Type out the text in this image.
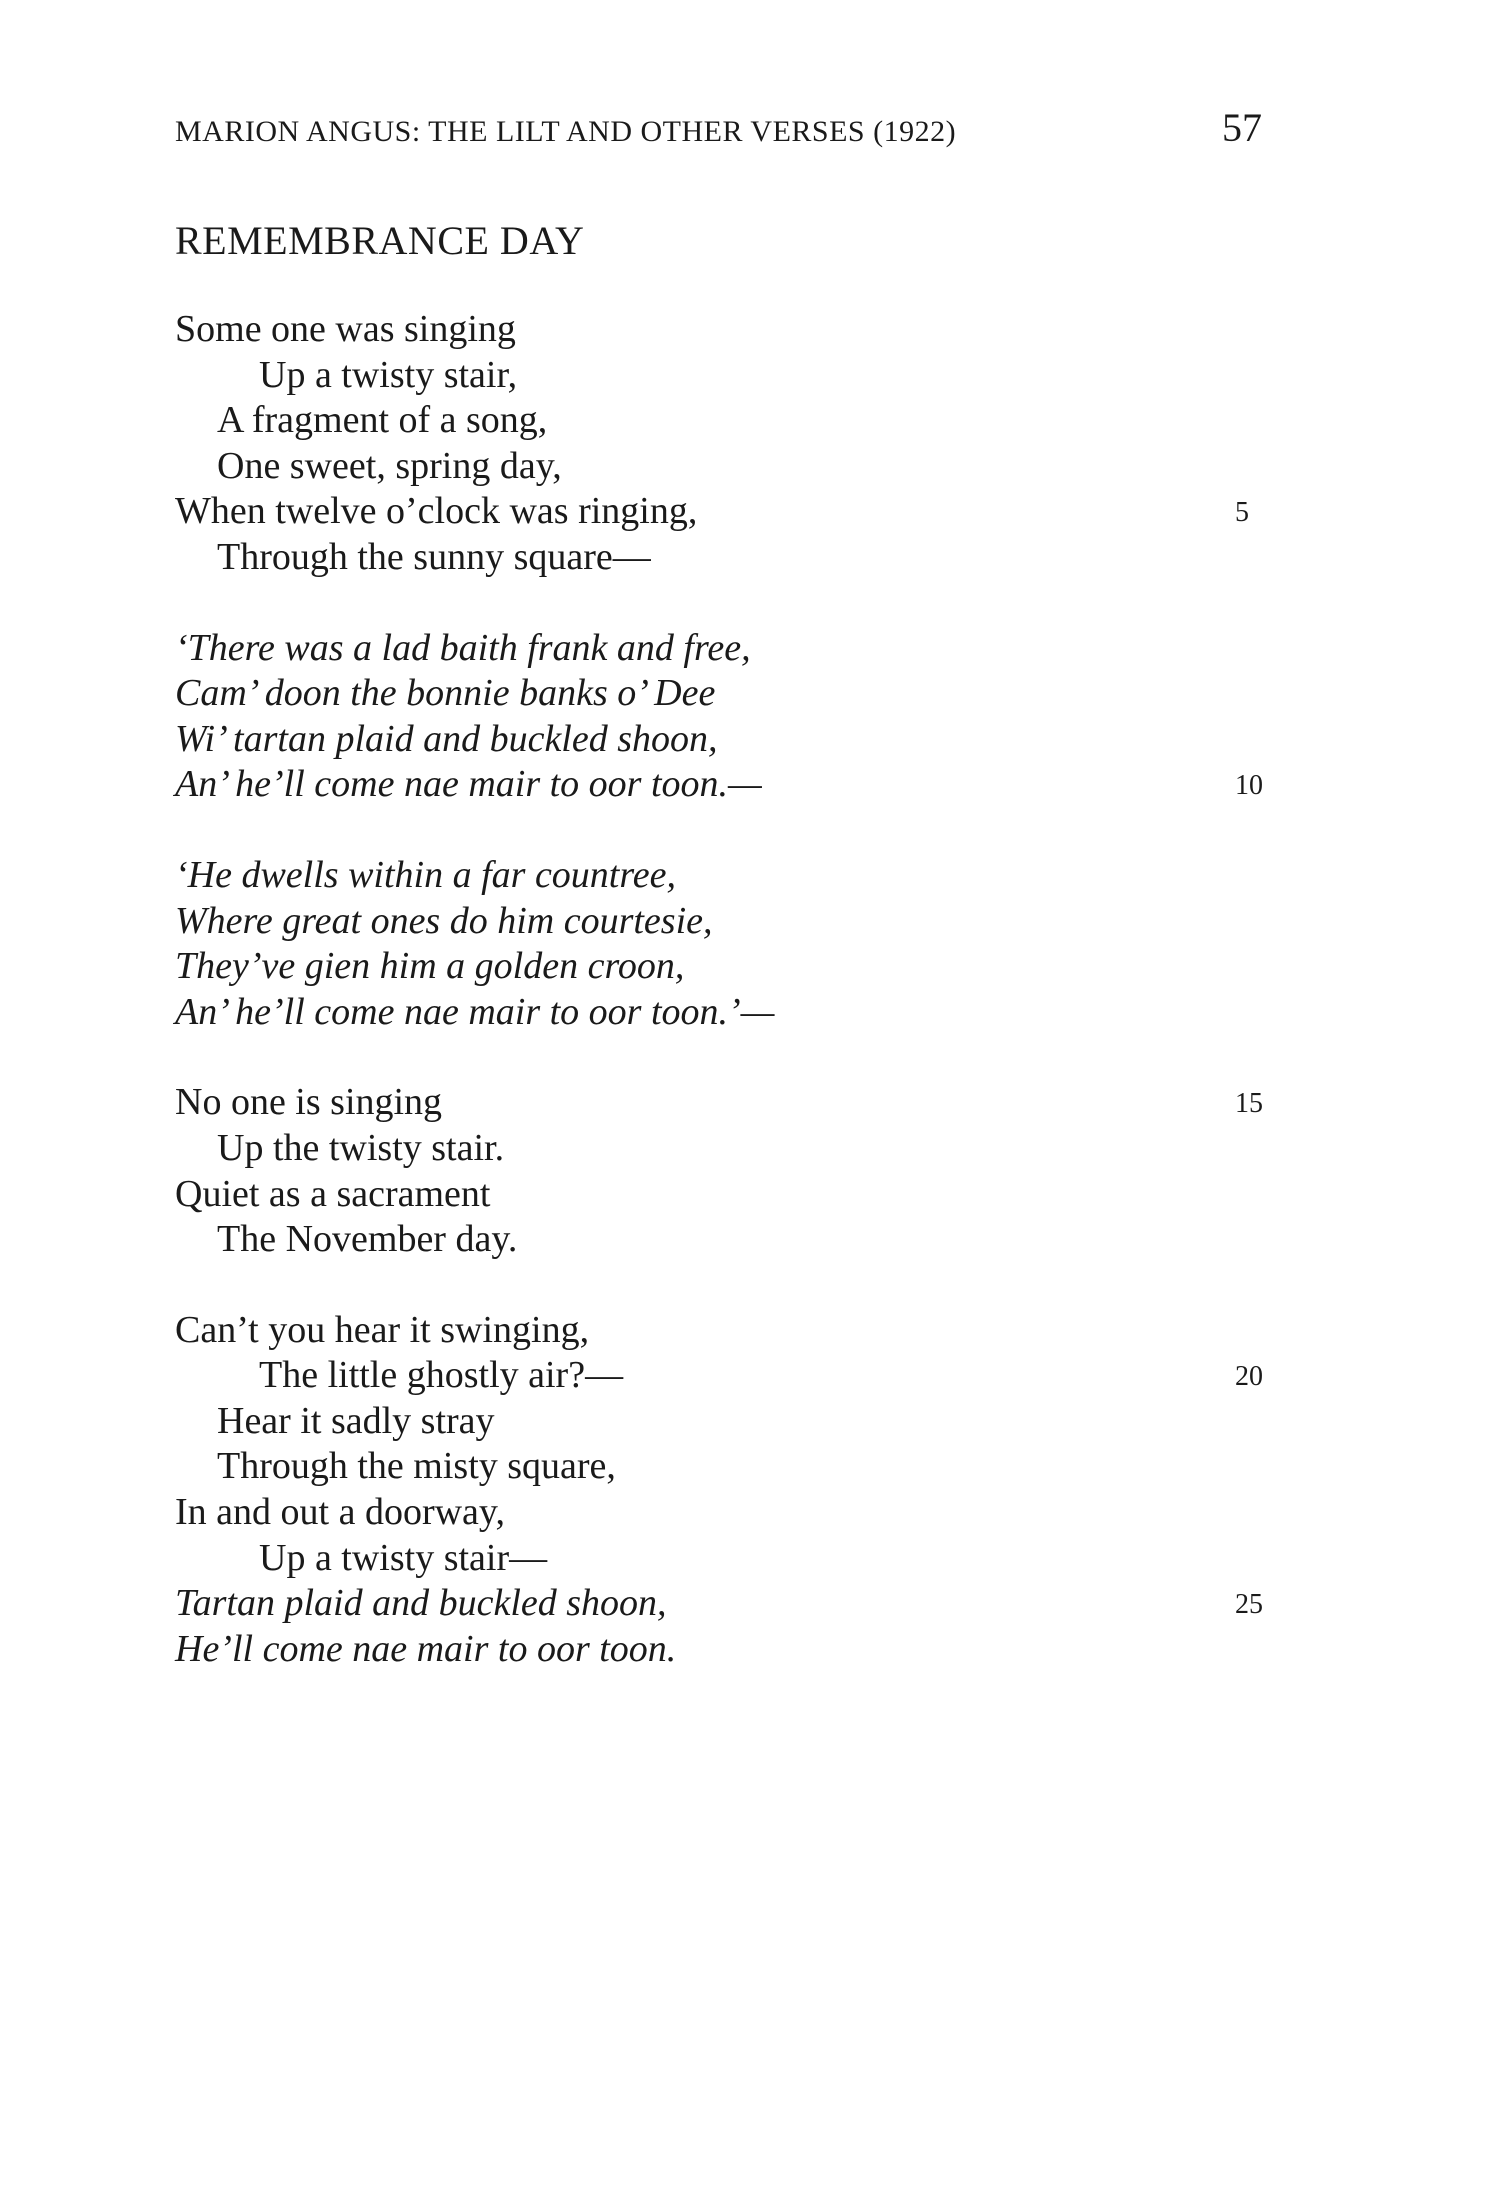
MARION ANGUS: THE LILT AND OTHER VERSES (1922)	57
REMEMBRANCE DAY
Some one was singing
Up a twisty stair,
A fragment of a song,
One sweet, spring day,
When twelve o’clock was ringing,	5
Through the sunny square—
‘There was a lad baith frank and free,
Cam’ doon the bonnie banks o’ Dee
Wi’ tartan plaid and buckled shoon,
An’ he’ll come nae mair to oor toon.—	10
‘He dwells within a far countree,
Where great ones do him courtesie,
They’ve gien him a golden croon,
An’ he’ll come nae mair to oor toon.’—
No one is singing	15
Up the twisty stair.
Quiet as a sacrament
The November day.
Can’t you hear it swinging,
The little ghostly air?—	20
Hear it sadly stray
Through the misty square,
In and out a doorway,
Up a twisty stair—
Tartan plaid and buckled shoon,	25
He’ll come nae mair to oor toon.
